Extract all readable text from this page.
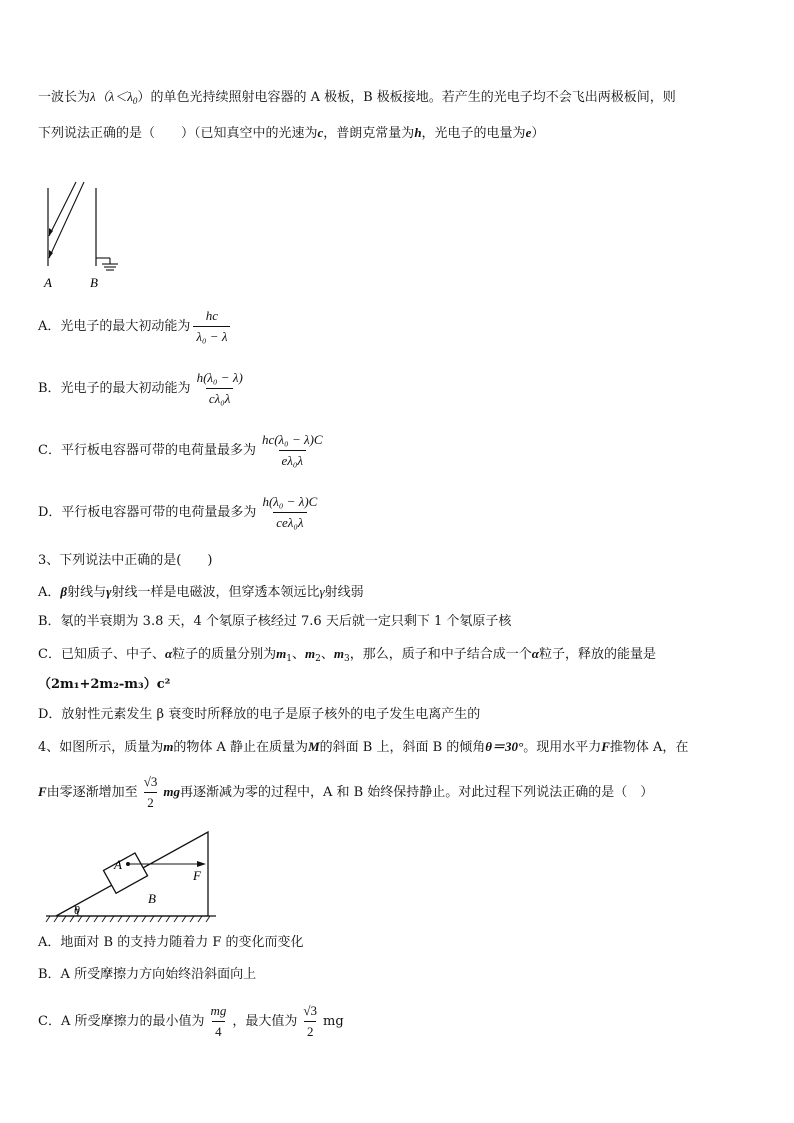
一波长为$\lambda(\lambda<\lambda_0)$的单色光持续照射电容器的 A 极板，B 极板接地。若产生的光电子均不会飞出两极板间，则
下列说法正确的是（　　）（已知真空中的光速为c，普朗克常量为h，光电子的电量为e）
A	B
A．光电子的最大初动能为 $\frac{hc}{\text{λ₀ − λ}}$
B．光电子的最大初动能为 $\frac{\text{h(λ₀ − λ)}}{\text{cλ₀λ}}$
C．平行板电容器可带的电荷量最多为 $\frac{\text{hc(λ₀ − λ)C}}{\text{eλ₀λ}}$
D．平行板电容器可带的电荷量最多为 $\frac{\text{h(λ₀ − λ)C}}{\text{ceλ₀λ}}$
3、下列说法中正确的是(　　)
A．β射线与γ射线一样是电磁波，但穿透本领远比γ射线弱
B．氡的半衰期为 3.8 天，4 个氡原子核经过 7.6 天后就一定只剩下 1 个氡原子核
C．已知质子、中子、α粒子的质量分别为$m_1$、$m_2$、$m_3$，那么，质子和中子结合成一个α粒子，释放的能量是
（2m₁+2m₂-m₃）c²
D．放射性元素发生 β 衰变时所释放的电子是原子核外的电子发生电离产生的
4、如图所示，质量为m的物体 A 静止在质量为M的斜面 B 上，斜面 B 的倾角θ＝30°。现用水平力F推物体 A，在
F由零逐渐增加至 $\frac{√3}{2}$ mg再逐渐减为零的过程中，A 和 B 始终保持静止。对此过程下列说法正确的是（　）
A
B
F
θ
A．地面对 B 的支持力随着力 F 的变化而变化
B．A 所受摩擦力方向始终沿斜面向上
C．A 所受摩擦力的最小值为 $\frac{mg}{4}$ ，最大值为 $\frac{√3}{2}$ mg
